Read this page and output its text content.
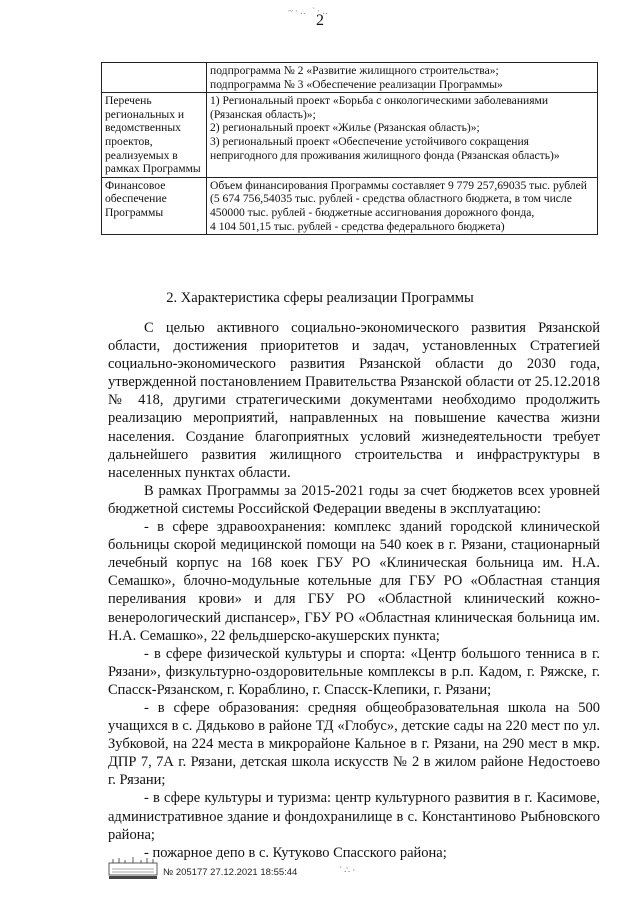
~·‥ `·‥
2

	подпрограмма № 2 «Развитие жилищного строительства»;
подпрограмма № 3 «Обеспечение реализации Программы»

Перечень региональных и ведомственных проектов, реализуемых в рамках Программы	1) Региональный проект «Борьба с онкологическими заболеваниями (Рязанская область)»;
2) региональный проект «Жилье (Рязанская область)»;
3) региональный проект «Обеспечение устойчивого сокращения непригодного для проживания жилищного фонда (Рязанская область)»

Финансовое обеспечение Программы	Объем финансирования Программы составляет 9 779 257,69035 тыс. рублей (5 674 756,54035 тыс. рублей - средства областного бюджета, в том числе 450000 тыс. рублей - бюджетные ассигнования дорожного фонда,
4 104 501,15 тыс. рублей - средства федерального бюджета)
2. Характеристика сферы реализации Программы

С целью активного социально-экономического развития Рязанской области, достижения приоритетов и задач, установленных Стратегией социально-экономического развития Рязанской области до 2030 года, утвержденной постановлением Правительства Рязанской области от 25.12.2018 № 418, другими стратегическими документами необходимо продолжить реализацию мероприятий, направленных на повышение качества жизни населения. Создание благоприятных условий жизнедеятельности требует дальнейшего развития жилищного строительства и инфраструктуры в населенных пунктах области.

В рамках Программы за 2015-2021 годы за счет бюджетов всех уровней бюджетной системы Российской Федерации введены в эксплуатацию:

- в сфере здравоохранения: комплекс зданий городской клинической больницы скорой медицинской помощи на 540 коек в г. Рязани, стационарный лечебный корпус на 168 коек ГБУ РО «Клиническая больница им. Н.А. Семашко», блочно-модульные котельные для ГБУ РО «Областная станция переливания крови» и для ГБУ РО «Областной клинический кожно-венерологический диспансер», ГБУ РО «Областная клиническая больница им. Н.А. Семашко», 22 фельдшерско-акушерских пункта;

- в сфере физической культуры и спорта: «Центр большого тенниса в г. Рязани», физкультурно-оздоровительные комплексы в р.п. Кадом, г. Ряжске, г. Спасск-Рязанском, г. Кораблино, г. Спасск-Клепики, г. Рязани;

- в сфере образования: средняя общеобразовательная школа на 500 учащихся в с. Дядьково в районе ТД «Глобус», детские сады на 220 мест по ул. Зубковой, на 224 места в микрорайоне Кальное в г. Рязани, на 290 мест в мкр. ДПР 7, 7А г. Рязани, детская школа искусств № 2 в жилом районе Недостоево г. Рязани;

- в сфере культуры и туризма: центр культурного развития в г. Касимове, административное здание и фондохранилище в с. Константиново Рыбновского района;

- пожарное депо в с. Кутуково Спасского района;

№ 205177 27.12.2021 18:55:44	` ∴ ·
